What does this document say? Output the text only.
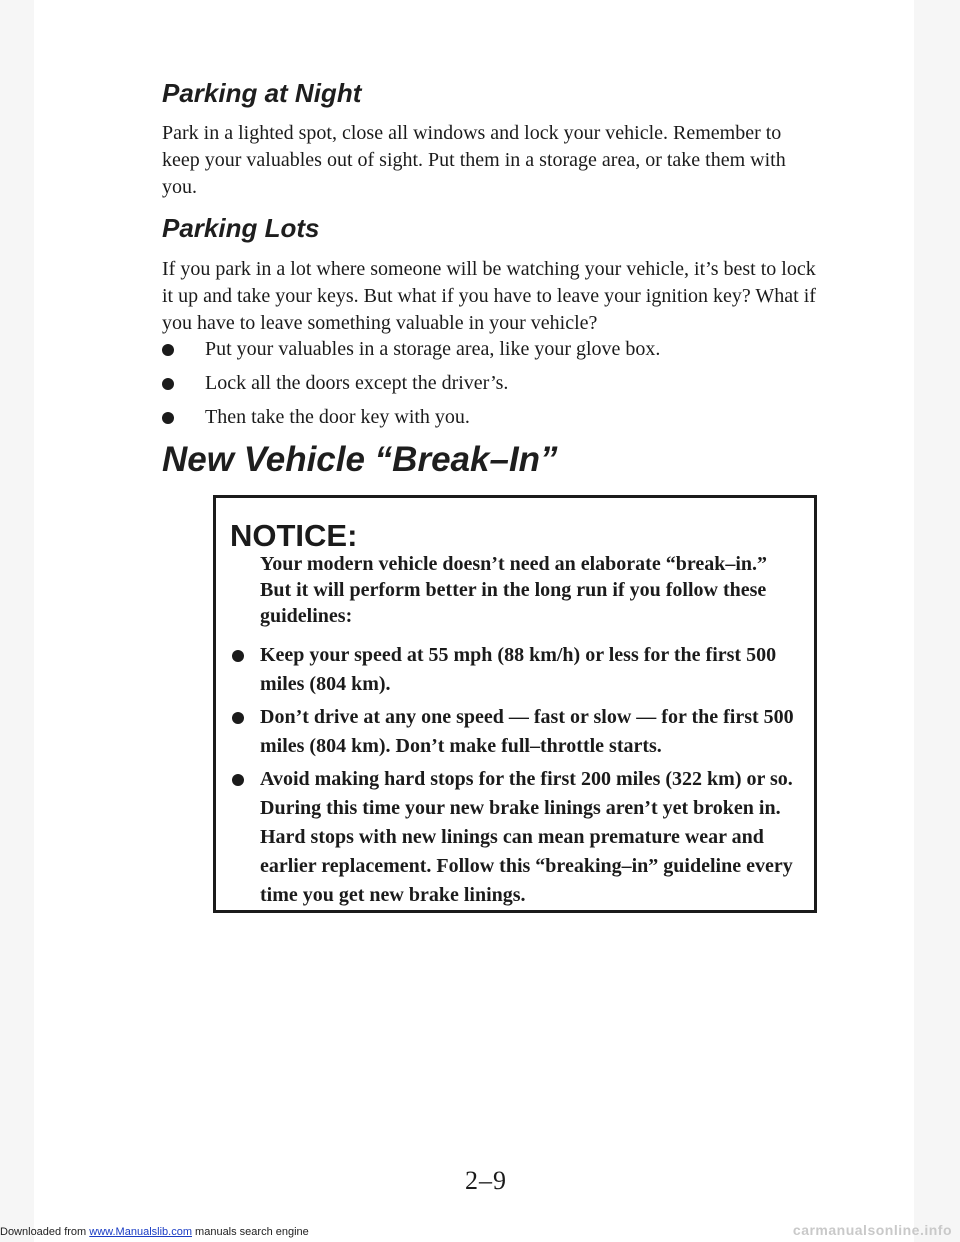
Parking at Night

Park in a lighted spot, close all windows and lock your vehicle. Remember to keep your valuables out of sight. Put them in a storage area, or take them with you.

Parking Lots

If you park in a lot where someone will be watching your vehicle, it’s best to lock it up and take your keys. But what if you have to leave your ignition key? What if you have to leave something valuable in your vehicle?

Put your valuables in a storage area, like your glove box.
Lock all the doors except the driver’s.
Then take the door key with you.
New Vehicle “Break–In”
NOTICE:

Your modern vehicle doesn’t need an elaborate “break–in.” But it will perform better in the long run if you follow these guidelines:

Keep your speed at 55 mph (88 km/h) or less for the first 500 miles (804 km).
Don’t drive at any one speed — fast or slow — for the first 500 miles (804 km). Don’t make full–throttle starts.
Avoid making hard stops for the first 200 miles (322 km) or so. During this time your new brake linings aren’t yet broken in. Hard stops with new linings can mean premature wear and earlier replacement. Follow this “breaking–in” guideline every time you get new brake linings.
2–9
Downloaded from www.Manualslib.com manuals search engine	carmanualsonline.info
